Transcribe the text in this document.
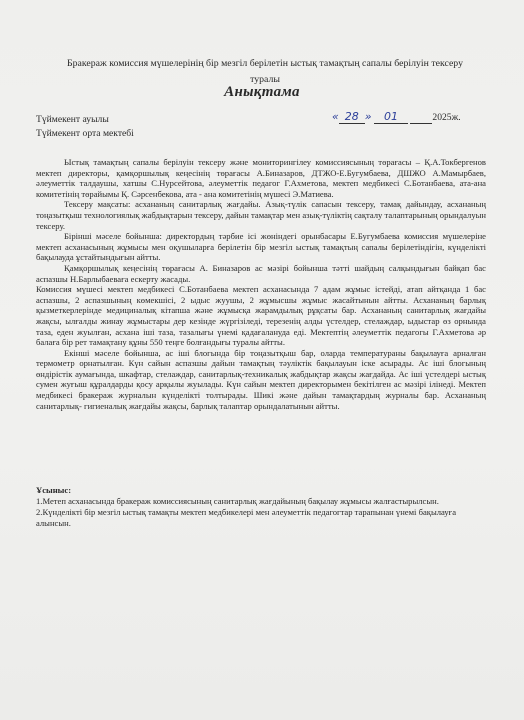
Бракераж комиссия мүшелерінің бір мезгіл берілетін ыстық тамақтың сапалы берілуін тексеру
туралы
Анықтама
Түймекент ауылы
Түймекент орта мектебі
« 28 » 01	2025ж.

Ыстық тамақтың сапалы берілуін тексеру және мониторингілеу комиссиясының төрағасы – Қ.А.Токбергенов мектеп директоры, қамқоршылық кеңесінің төрағасы А.Биназаров, ДТЖО-Е.Бугумбаева, ДШЖО А.Мамырбаев, әлеуметтік талдаушы, хатшы С.Нурсейтова, әлеуметтік педагог Г.Ахметова, мектеп медбикесі С.Ботанбаева, ата-ана комитетінің төрайымы Қ. Сәрсенбекова, ата - ана комитетінің мүшесі Э.Матиева.

Тексеру мақсаты: асхананың санитарлық жағдайы. Азық-түлік сапасын тексеру, тамақ дайындау, асхананың тоңазытқыш технологиялық жабдықтарын тексеру, дайын тамақтар мен азық-түліктің сақталу талаптарының орындалуын тексеру.

Бірінші мәселе бойынша: директордың тәрбие ісі жөніндегі орынбасары Е.Бугумбаева комиссия мүшелеріне мектеп асханасының жұмысы мен оқушыларға берілетін бір мезгіл ыстық тамақтың сапалы берілетіндігін, күнделікті бақылауда ұстайтындығын айтты.

Қамқоршылық кеңесінің төрағасы А. Биназаров ас мәзірі бойынша тәтті шайдың салқындығын байқап бас аспазшы Н.Барлыбаеваға ескерту жасады.

Комиссия мүшесі мектеп медбикесі С.Ботанбаева мектеп асханасында 7 адам жұмыс істейді, атап айтқанда 1 бас аспазшы, 2 аспазшының көмекшісі, 2 ыдыс жуушы, 2 жұмысшы жұмыс жасайтынын айтты. Асхананың барлық қызметкерлерінде медициналық кітапша және жұмысқа жарамдылық рұқсаты бар. Асхананың санитарлық жағдайы жақсы, ылғалды жинау жұмыстары дер кезінде жүргізіледі, терезенің алды үстелдер, стелаждар, ыдыстар өз орнында таза, еден жуылған, асхана іші таза, тазалығы үнемі қадағалануда еді. Мектептің әлеуметтік педагогы Г.Ахметова әр балаға бір рет тамақтану құны 550 теңге болғандығы туралы айтты.

Екінші мәселе бойынша, ас іші блогында бір тоңазытқыш бар, оларда температураны бақылауға арналған термометр орнатылған. Күн сайын аспазшы дайын тамақтың тәуліктік бақылауын іске асырады. Ас іші блогының өндірістік аумағында, шкафтар, стелаждар, санитарлық-техникалық жабдықтар жақсы жағдайда. Ас іші үстелдері ыстық сумен жуғыш құралдарды қосу арқылы жуылады. Күн сайын мектеп директорымен бекітілген ас мәзірі ілінеді. Мектеп медбикесі бракераж журналын күнделікті толтырады. Шикі және дайын тамақтардың журналы бар. Асхананың санитарлық- гигиеналық жағдайы жақсы, барлық талаптар орындалатынын айтты.

Ұсыныс:

1.Метеп асханасында бракераж комиссиясының санитарлық жағдайының бақылау жұмысы жалғастырылсын.

2.Күнделікті бір мезгіл ыстық тамақты мектеп медбикелері мен әлеуметтік педагогтар тарапынан үнемі бақылауға алынсын.
